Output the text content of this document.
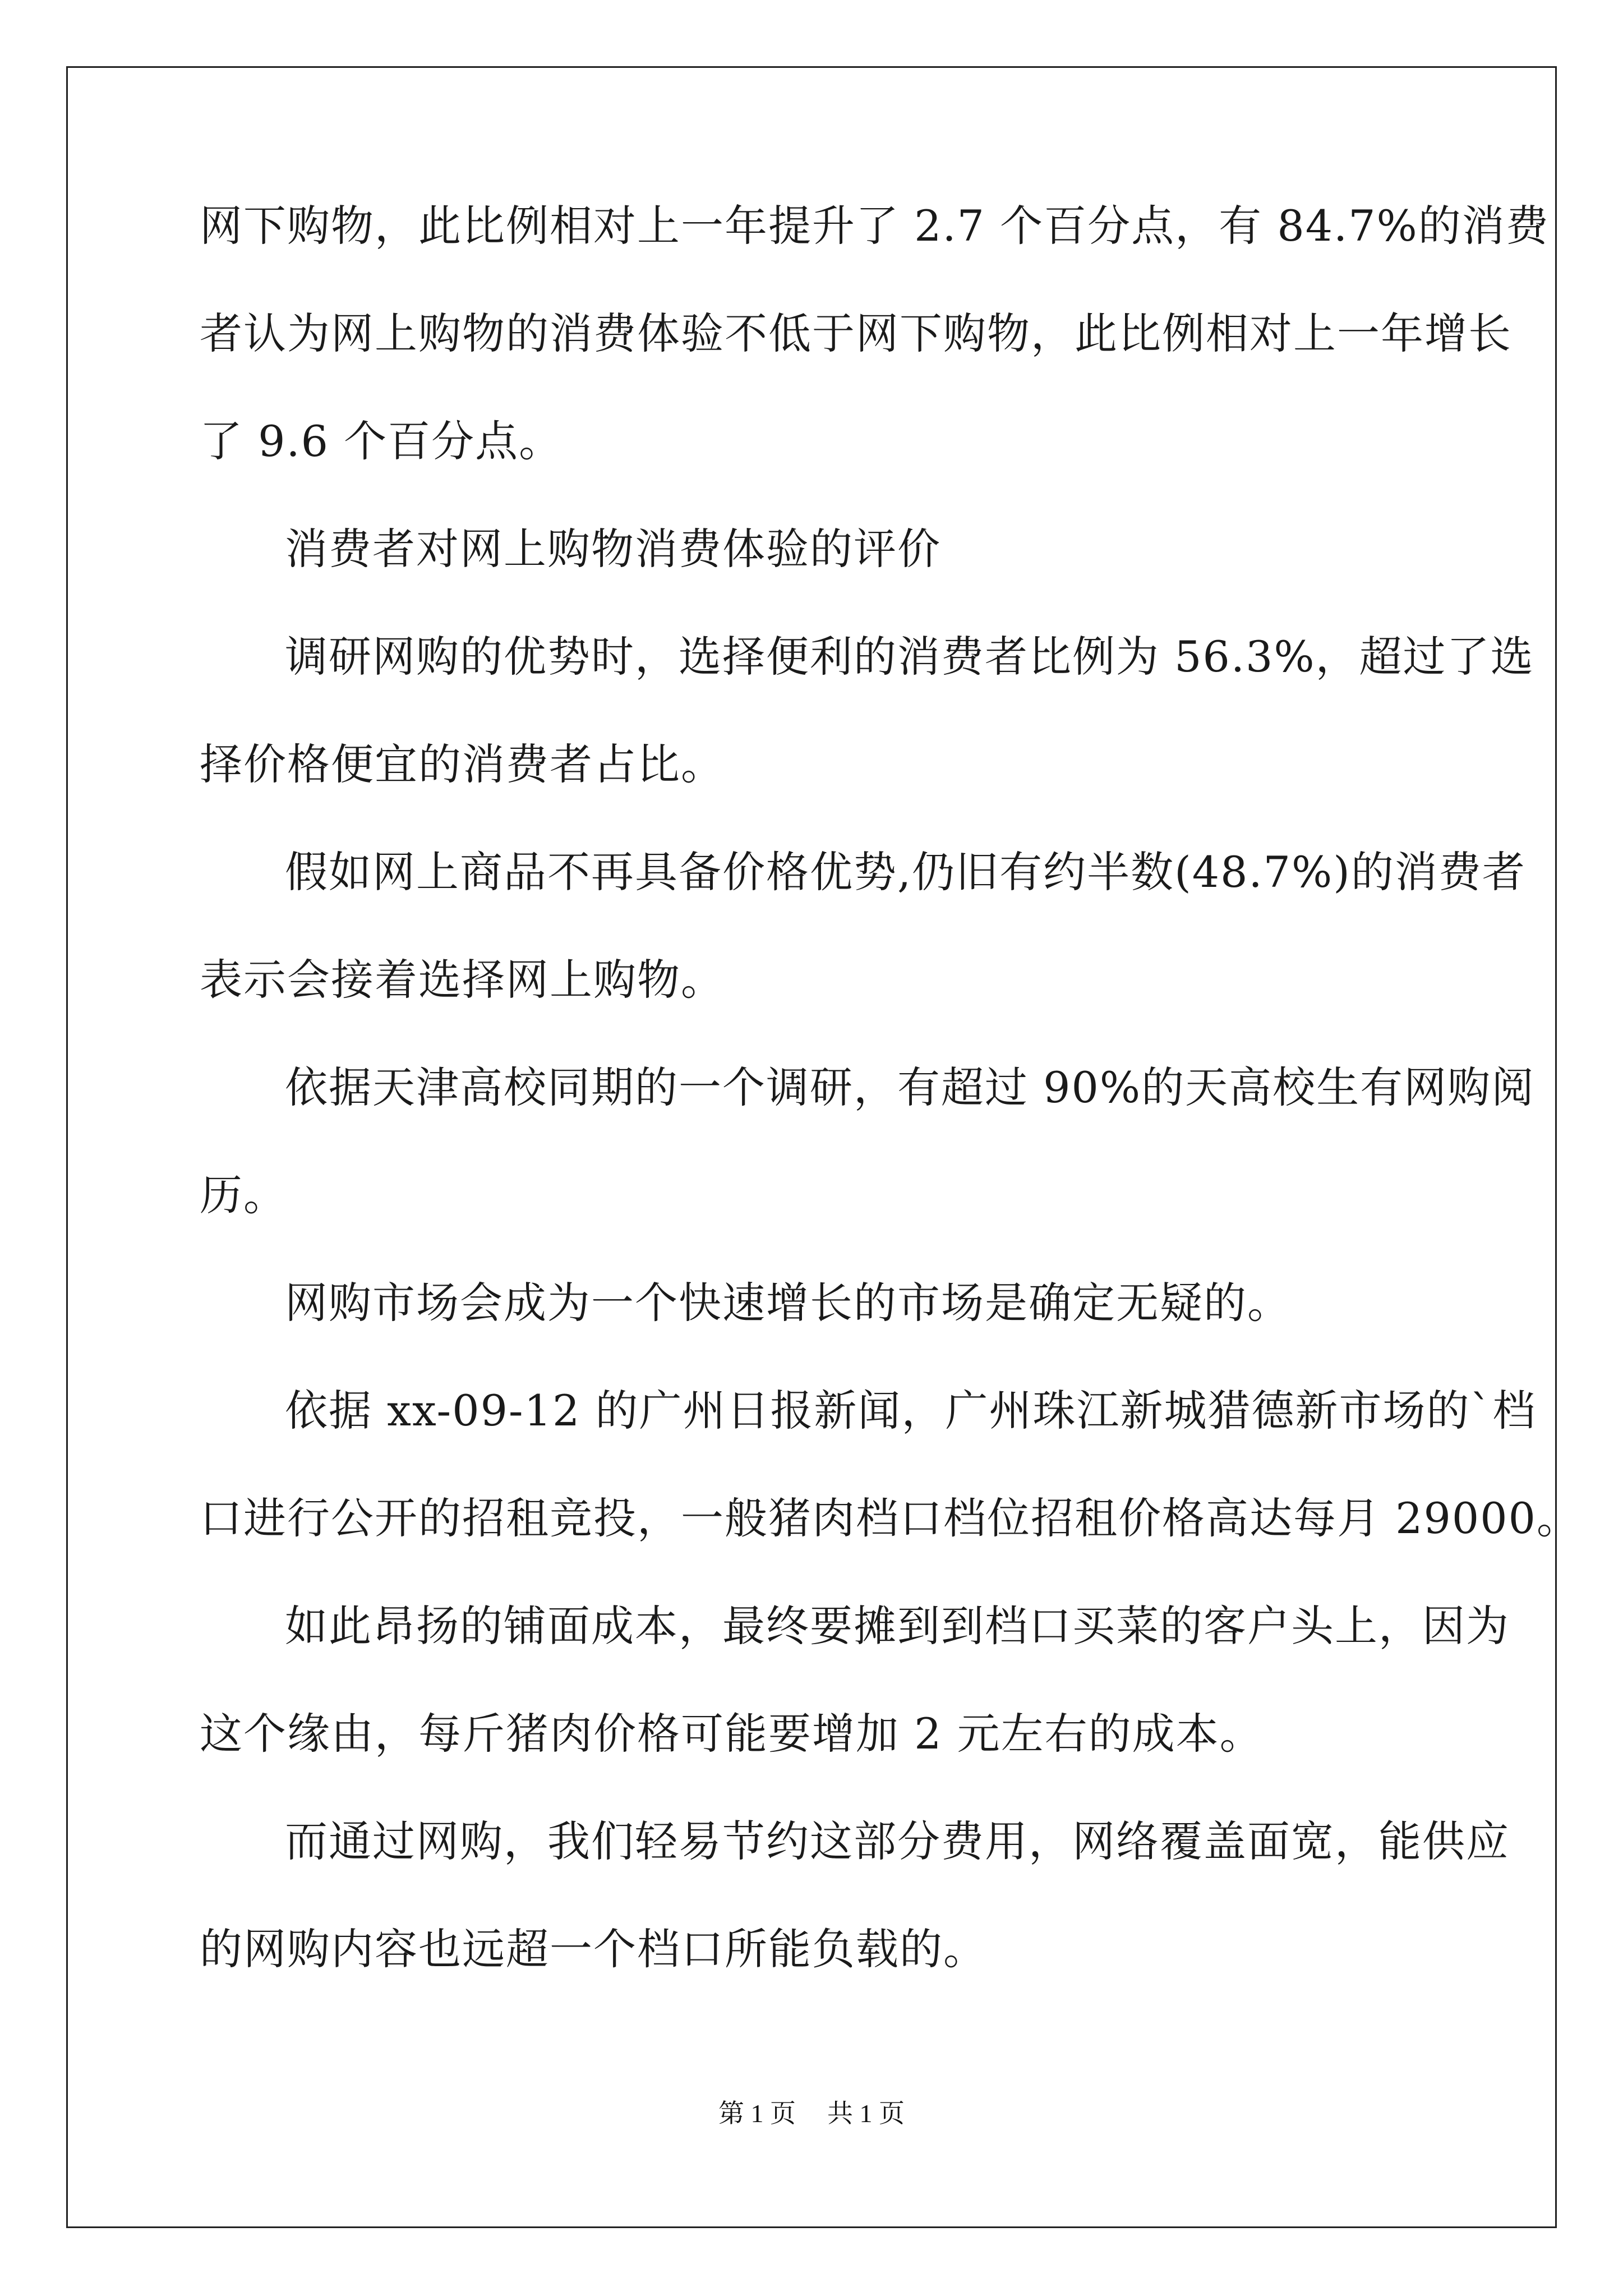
网下购物，此比例相对上一年提升了 2.7 个百分点，有 84.7%的消费
者认为网上购物的消费体验不低于网下购物，此比例相对上一年增长
了 9.6 个百分点。
消费者对网上购物消费体验的评价
调研网购的优势时，选择便利的消费者比例为 56.3%，超过了选
择价格便宜的消费者占比。
假如网上商品不再具备价格优势,仍旧有约半数(48.7%)的消费者
表示会接着选择网上购物。
依据天津高校同期的一个调研，有超过 90%的天高校生有网购阅
历。
网购市场会成为一个快速增长的市场是确定无疑的。
依据 xx-09-12 的广州日报新闻，广州珠江新城猎德新市场的`档
口进行公开的招租竞投，一般猪肉档口档位招租价格高达每月 29000。
如此昂扬的铺面成本，最终要摊到到档口买菜的客户头上，因为
这个缘由，每斤猪肉价格可能要增加 2 元左右的成本。
而通过网购，我们轻易节约这部分费用，网络覆盖面宽，能供应
的网购内容也远超一个档口所能负载的。
第 1 页 共 1 页
